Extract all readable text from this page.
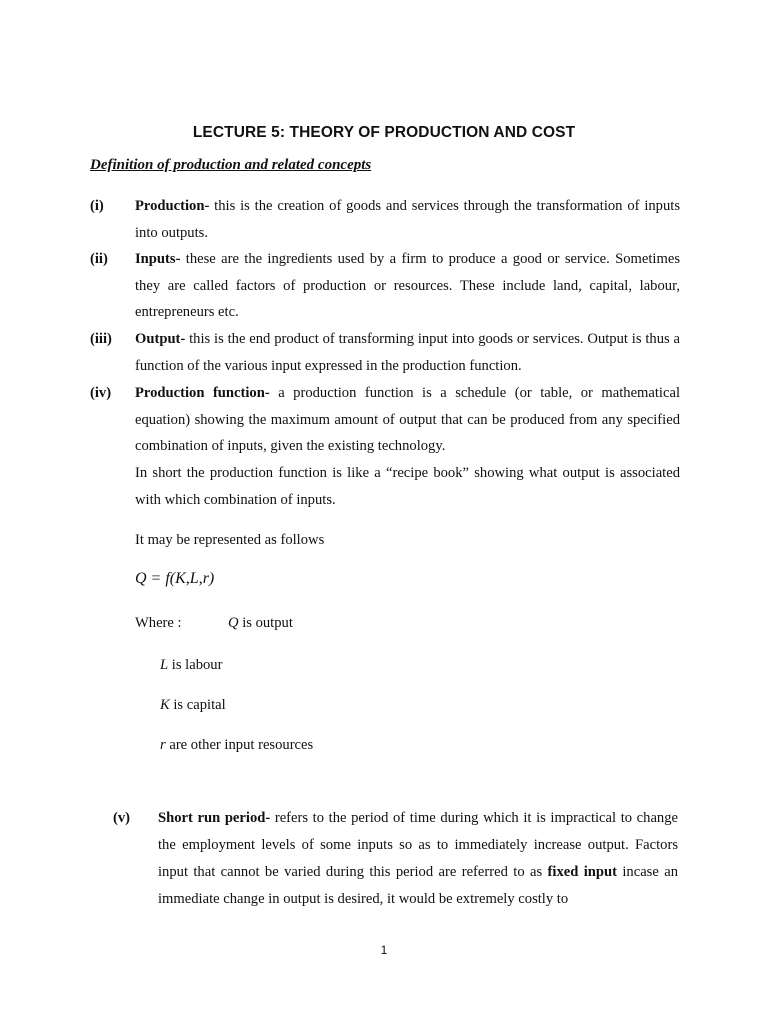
LECTURE 5: THEORY OF PRODUCTION AND COST
Definition of production and related concepts
(i) Production- this is the creation of goods and services through the transformation of inputs into outputs.
(ii) Inputs- these are the ingredients used by a firm to produce a good or service. Sometimes they are called factors of production or resources. These include land, capital, labour, entrepreneurs etc.
(iii) Output- this is the end product of transforming input into goods or services. Output is thus a function of the various input expressed in the production function.
(iv) Production function- a production function is a schedule (or table, or mathematical equation) showing the maximum amount of output that can be produced from any specified combination of inputs, given the existing technology.
In short the production function is like a “recipe book” showing what output is associated with which combination of inputs.
It may be represented as follows
Q = f(K,L,r)
Where :	Q is output
L is labour
K is capital
r are other input resources
(v) Short run period- refers to the period of time during which it is impractical to change the employment levels of some inputs so as to immediately increase output. Factors input that cannot be varied during this period are referred to as fixed input incase an immediate change in output is desired, it would be extremely costly to
1
